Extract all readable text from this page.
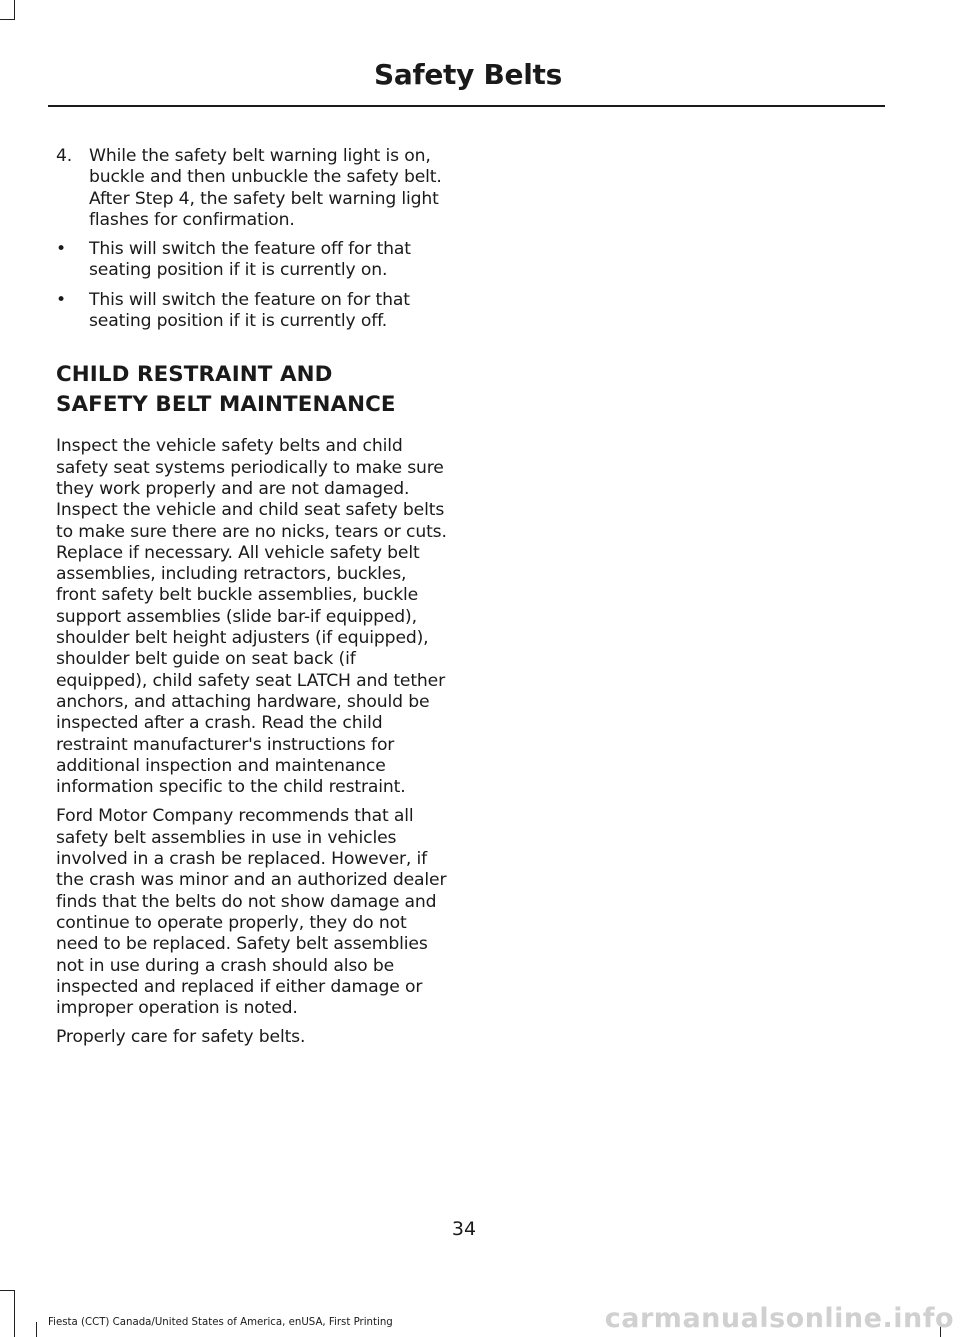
Safety Belts
4. While the safety belt warning light is on, buckle and then unbuckle the safety belt. After Step 4, the safety belt warning light flashes for confirmation.
• This will switch the feature off for that seating position if it is currently on.
• This will switch the feature on for that seating position if it is currently off.
CHILD RESTRAINT AND
SAFETY BELT MAINTENANCE

Inspect the vehicle safety belts and child safety seat systems periodically to make sure they work properly and are not damaged. Inspect the vehicle and child seat safety belts to make sure there are no nicks, tears or cuts. Replace if necessary. All vehicle safety belt assemblies, including retractors, buckles, front safety belt buckle assemblies, buckle support assemblies (slide bar-if equipped), shoulder belt height adjusters (if equipped), shoulder belt guide on seat back (if equipped), child safety seat LATCH and tether anchors, and attaching hardware, should be inspected after a crash. Read the child restraint manufacturer's instructions for additional inspection and maintenance information specific to the child restraint.

Ford Motor Company recommends that all safety belt assemblies in use in vehicles involved in a crash be replaced. However, if the crash was minor and an authorized dealer finds that the belts do not show damage and continue to operate properly, they do not need to be replaced. Safety belt assemblies not in use during a crash should also be inspected and replaced if either damage or improper operation is noted.

Properly care for safety belts.

34
Fiesta (CCT) Canada/United States of America, enUSA, First Printing	carmanualsonline.info
